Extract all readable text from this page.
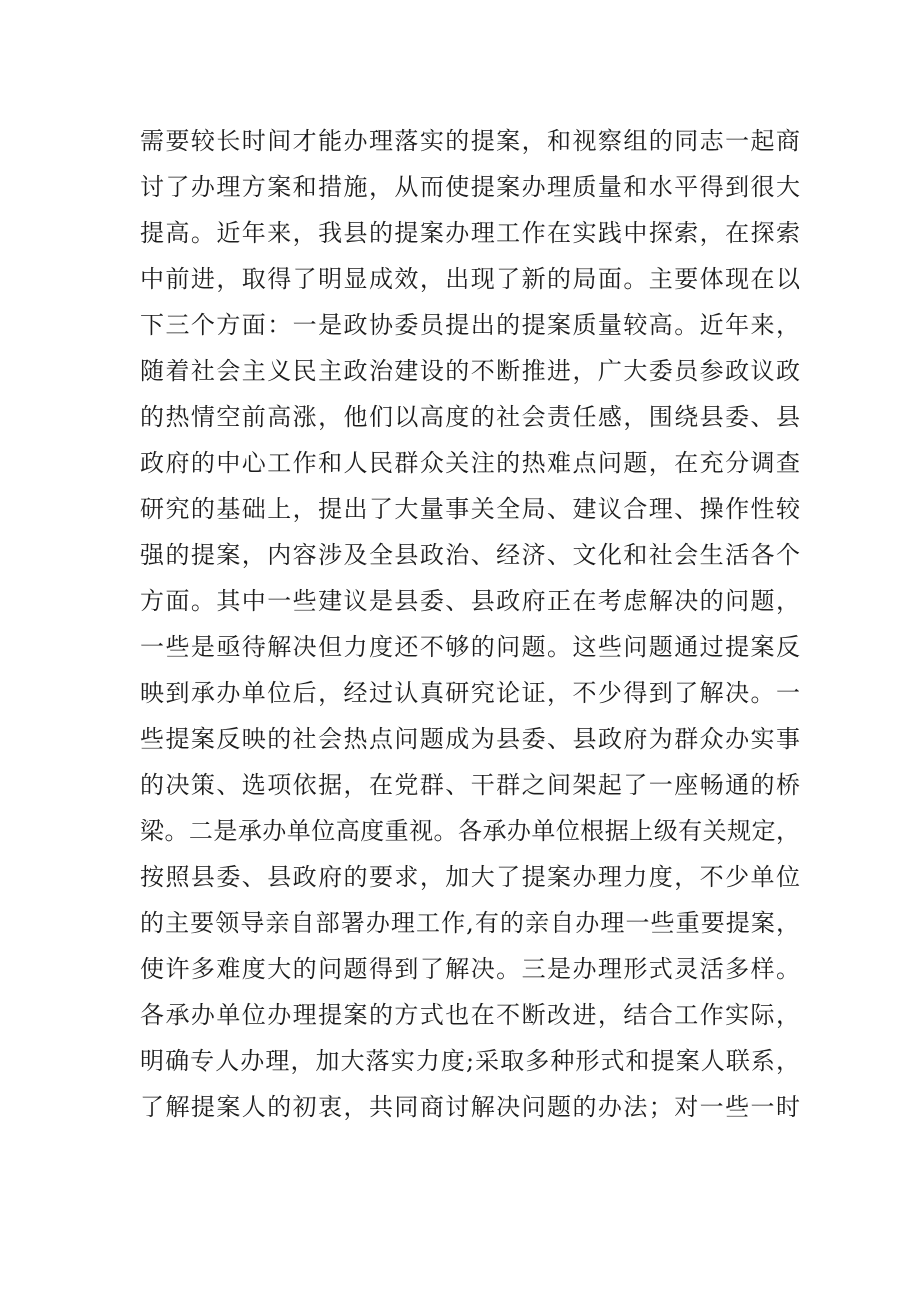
需要较长时间才能办理落实的提案，和视察组的同志一起商
讨了办理方案和措施，从而使提案办理质量和水平得到很大
提高。近年来，我县的提案办理工作在实践中探索，在探索
中前进，取得了明显成效，出现了新的局面。主要体现在以
下三个方面：一是政协委员提出的提案质量较高。近年来，
随着社会主义民主政治建设的不断推进，广大委员参政议政
的热情空前高涨，他们以高度的社会责任感，围绕县委、县
政府的中心工作和人民群众关注的热难点问题，在充分调查
研究的基础上，提出了大量事关全局、建议合理、操作性较
强的提案，内容涉及全县政治、经济、文化和社会生活各个
方面。其中一些建议是县委、县政府正在考虑解决的问题，
一些是亟待解决但力度还不够的问题。这些问题通过提案反
映到承办单位后，经过认真研究论证，不少得到了解决。一
些提案反映的社会热点问题成为县委、县政府为群众办实事
的决策、选项依据，在党群、干群之间架起了一座畅通的桥
梁。二是承办单位高度重视。各承办单位根据上级有关规定，
按照县委、县政府的要求，加大了提案办理力度，不少单位
的主要领导亲自部署办理工作,有的亲自办理一些重要提案，
使许多难度大的问题得到了解决。三是办理形式灵活多样。
各承办单位办理提案的方式也在不断改进，结合工作实际，
明确专人办理，加大落实力度;采取多种形式和提案人联系，
了解提案人的初衷，共同商讨解决问题的办法；对一些一时
